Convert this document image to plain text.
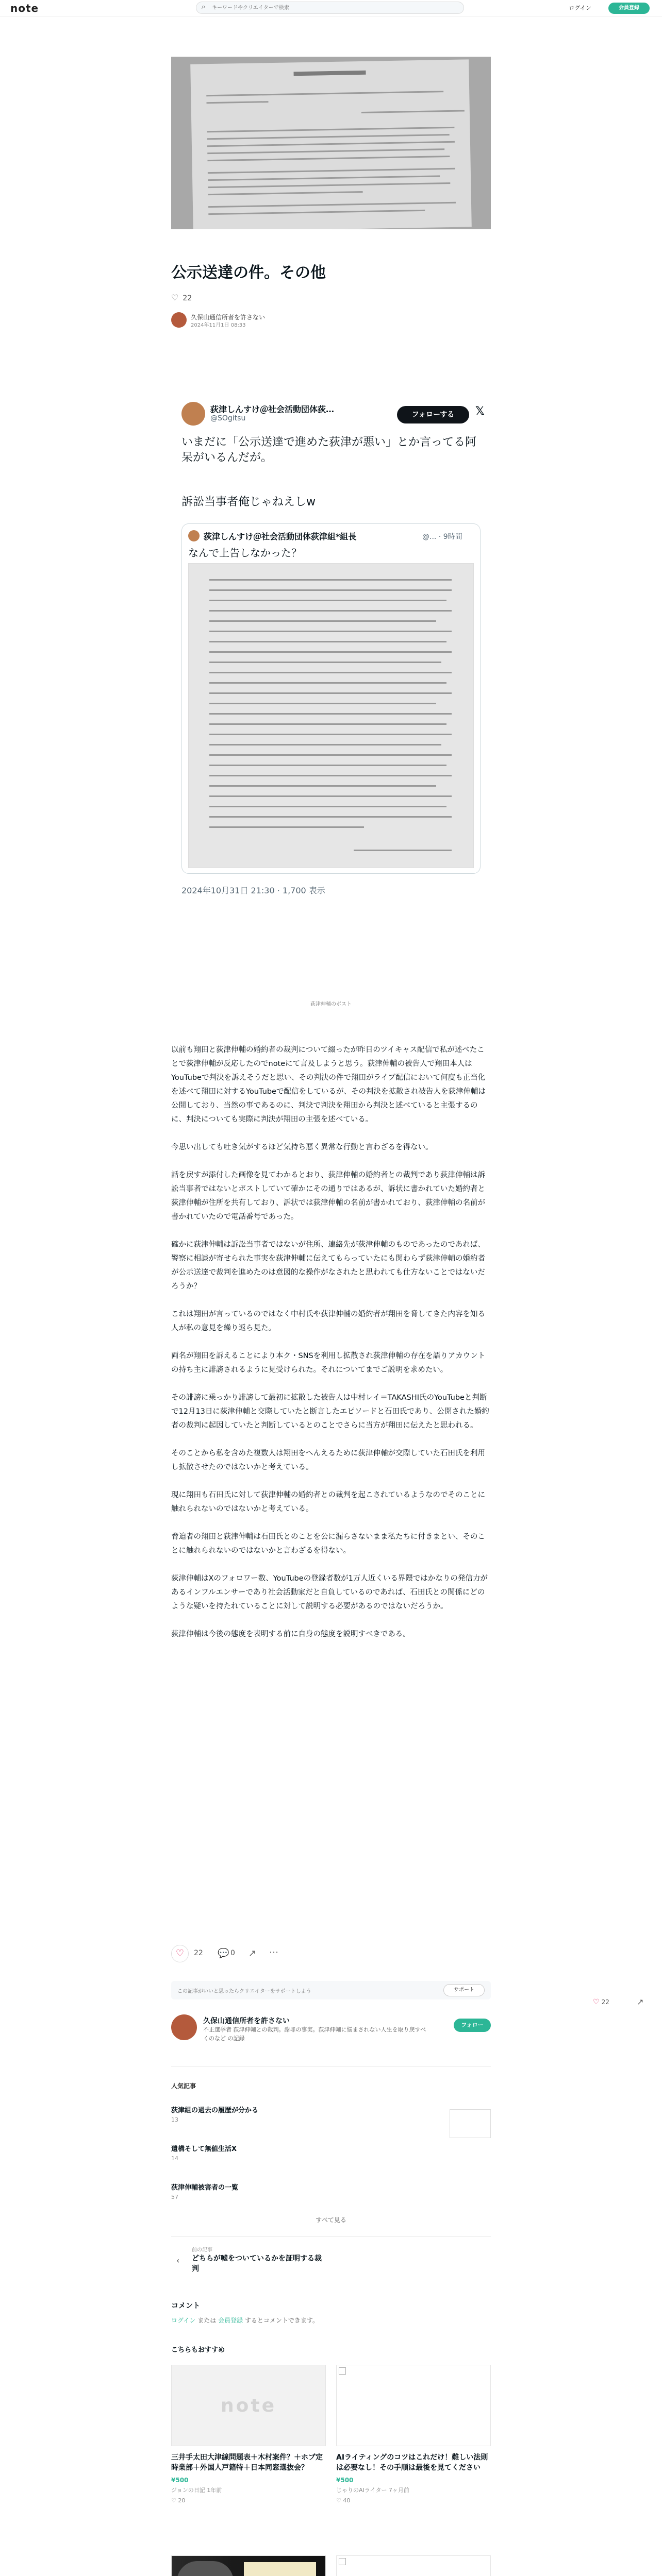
note	⌕
キーワードやクリエイターで検索	ログイン	会員登録
公示送達の件。その他
♡ 22
久保山通信所者を許さない
2024年11月1日 08:33
荻津しんすけ＠社会活動団体荻…
@SOgitsu	フォローする	𝕏
いまだに「公示送達で進めた荻津が悪い」とか言ってる阿呆がいるんだが。
訴訟当事者俺じゃねえしw
荻津しんすけ＠社会活動団体荻津組*組長	@... · 9時間
なんで上告しなかった？
2024年10月31日 21:30 · 1,700 表示
荻津伸輔のポスト

以前も翔田と荻津伸輔の婚約者の裁判について綴ったが昨日のツイキャス配信で私が述べたことで荻津伸輔が反応したのでnoteにて言及しようと思う。荻津伸輔の被告人で翔田本人はYouTubeで判決を訴えそうだと思い、その判決の件で翔田がライブ配信において何度も正当化を述べて翔田に対するYouTubeで配信をしているが、その判決を拡散され被告人を荻津伸輔は公開しており、当然の事であるのに、判決で判決を翔田から判決と述べていると主張するのに、判決についても実際に判決が翔田の主張を述べている。

今思い出しても吐き気がするほど気持ち悪く異常な行動と言わざるを得ない。

話を戻すが添付した画像を見てわかるとおり、荻津伸輔の婚約者との裁判であり荻津伸輔は訴訟当事者ではないとポストしていて確かにその通りではあるが、訴状に書かれていた婚約者と荻津伸輔が住所を共有しており、訴状では荻津伸輔の名前が書かれており、荻津伸輔の名前が書かれていたので電話番号であった。

確かに荻津伸輔は訴訟当事者ではないが住所、連絡先が荻津伸輔のものであったのであれば、警察に相談が寄せられた事実を荻津伸輔に伝えてもらっていたにも関わらず荻津伸輔の婚約者が公示送達で裁判を進めたのは意図的な操作がなされたと思われても仕方ないことではないだろうか？

これは翔田が言っているのではなく中村氏や荻津伸輔の婚約者が翔田を脅してきた内容を知る人が私の意見を繰り返ら見た。

両名が翔田を訴えることにより本ク・SNSを利用し拡散され荻津伸輔の存在を語りアカウントの持ち主に誹謗されるように見受けられた。それについてまでご説明を求めたい。

その誹謗に乗っかり誹謗して最初に拡散した被告人は中村レイ＝TAKASHI氏のYouTubeと判断で12月13日に荻津伸輔と交際していたと断言したエピソードと石田氏であり、公開された婚約者の裁判に起因していたと判断しているとのことでさらに当方が翔田に伝えたと思われる。

そのことから私を含めた複数人は翔田をへんえるために荻津伸輔が交際していた石田氏を利用し拡散させたのではないかと考えている。

現に翔田も石田氏に対して荻津伸輔の婚約者との裁判を起こされているようなのでそのことに触れられないのではないかと考えている。

脅迫者の翔田と荻津伸輔は石田氏とのことを公に漏らさないまま私たちに付きまとい、そのことに触れられないのではないかと言わざるを得ない。

荻津伸輔はXのフォロワー数、YouTubeの登録者数が1万人近くいる界隈ではかなりの発信力があるインフルエンサーであり社会活動家だと自負しているのであれば、石田氏との関係にどのような疑いを持たれていることに対して説明する必要があるのではないだろうか。

荻津伸輔は今後の態度を表明する前に自身の態度を説明すべきである。

♡	22 💬 0 ↗ ⋯
♡ 22	↗
この記事がいいと思ったらクリエイターをサポートしよう	サポート
久保山通信所者を許さない
不正選挙者 荻津伸輔との裁判。謝罪の事実。荻津伸輔に悩まされない人生を取り戻すべくのなど の記録
フォロー
人気記事
荻津組の過去の履歴が分かる
13
遺構そして無値生活X
14
荻津伸輔被害者の一覧
57
すべて見る
前の記事
‹ どちらが嘘をついているかを証明する裁判
コメント
ログイン または 会員登録 するとコメントできます。
こちらもおすすめ
note
三井手太田大津線問題表＋木村案件？＋ホブ定時業部＋外国人戸籍特＋日本同窓選抜会？
¥500
ジョンの日記 1年前
♡ 20
AIライティングのコツはこれだけ！難しい法則は必要なし！その手順は最後を見てください
¥500
じゃりのAIライター 7ヶ月前
♡ 40
